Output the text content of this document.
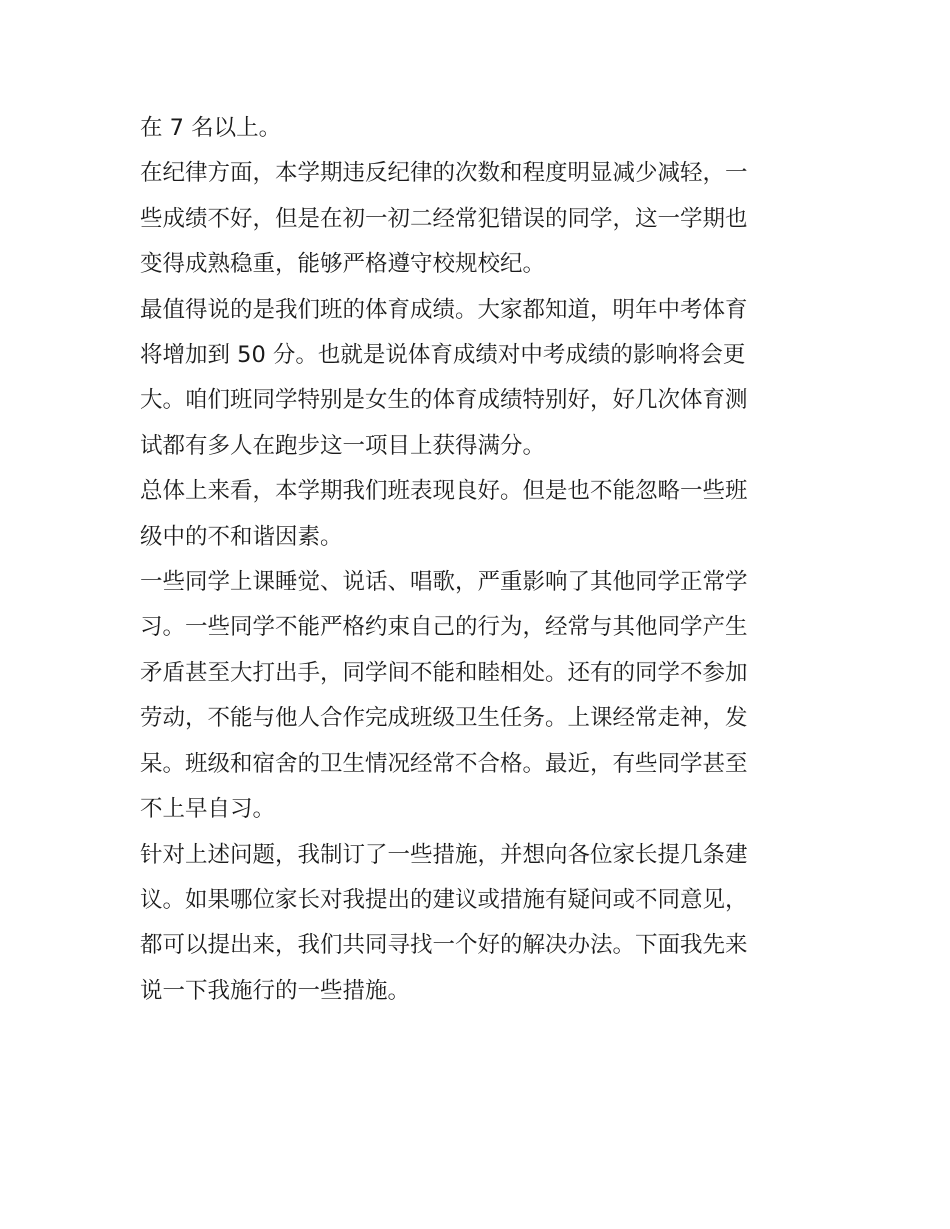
在 7 名以上。

在纪律方面，本学期违反纪律的次数和程度明显减少减轻，一
些成绩不好，但是在初一初二经常犯错误的同学，这一学期也
变得成熟稳重，能够严格遵守校规校纪。

最值得说的是我们班的体育成绩。大家都知道，明年中考体育
将增加到 50 分。也就是说体育成绩对中考成绩的影响将会更
大。咱们班同学特别是女生的体育成绩特别好，好几次体育测
试都有多人在跑步这一项目上获得满分。

总体上来看，本学期我们班表现良好。但是也不能忽略一些班
级中的不和谐因素。

一些同学上课睡觉、说话、唱歌，严重影响了其他同学正常学
习。一些同学不能严格约束自己的行为，经常与其他同学产生
矛盾甚至大打出手，同学间不能和睦相处。还有的同学不参加
劳动，不能与他人合作完成班级卫生任务。上课经常走神，发
呆。班级和宿舍的卫生情况经常不合格。最近，有些同学甚至
不上早自习。

针对上述问题，我制订了一些措施，并想向各位家长提几条建
议。如果哪位家长对我提出的建议或措施有疑问或不同意见，
都可以提出来，我们共同寻找一个好的解决办法。下面我先来
说一下我施行的一些措施。
